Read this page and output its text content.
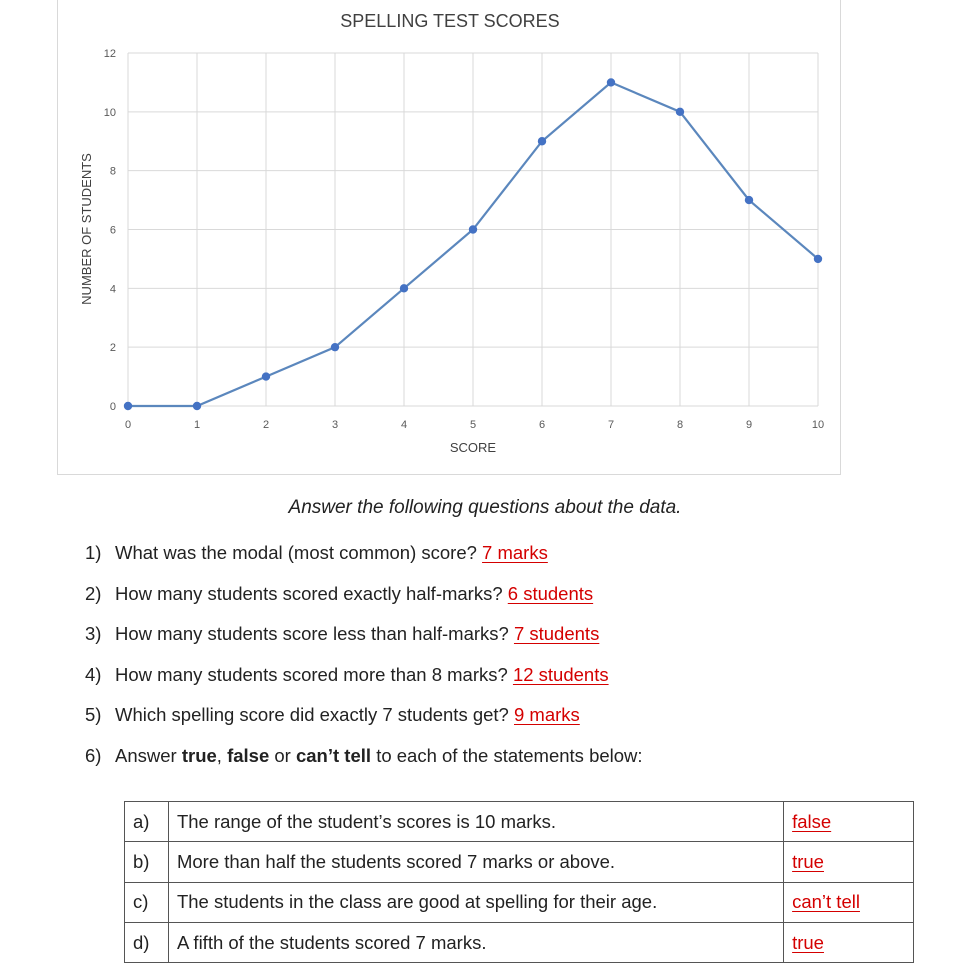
SPELLING TEST SCORES
0
2
4
6
8
10
12
0	1	2	3	4	5	6	7	8	9	10
SCORE
NUMBER OF STUDENTS
Answer the following questions about the data.
1) What was the modal (most common) score? 7 marks
2) How many students scored exactly half-marks? 6 students
3) How many students score less than half-marks? 7 students
4) How many students scored more than 8 marks? 12 students
5) Which spelling score did exactly 7 students get? 9 marks
6) Answer true, false or can’t tell to each of the statements below:
a)	The range of the student’s scores is 10 marks.	false
b)	More than half the students scored 7 marks or above.	true
c)	The students in the class are good at spelling for their age.	can’t tell
d)	A fifth of the students scored 7 marks.	true
